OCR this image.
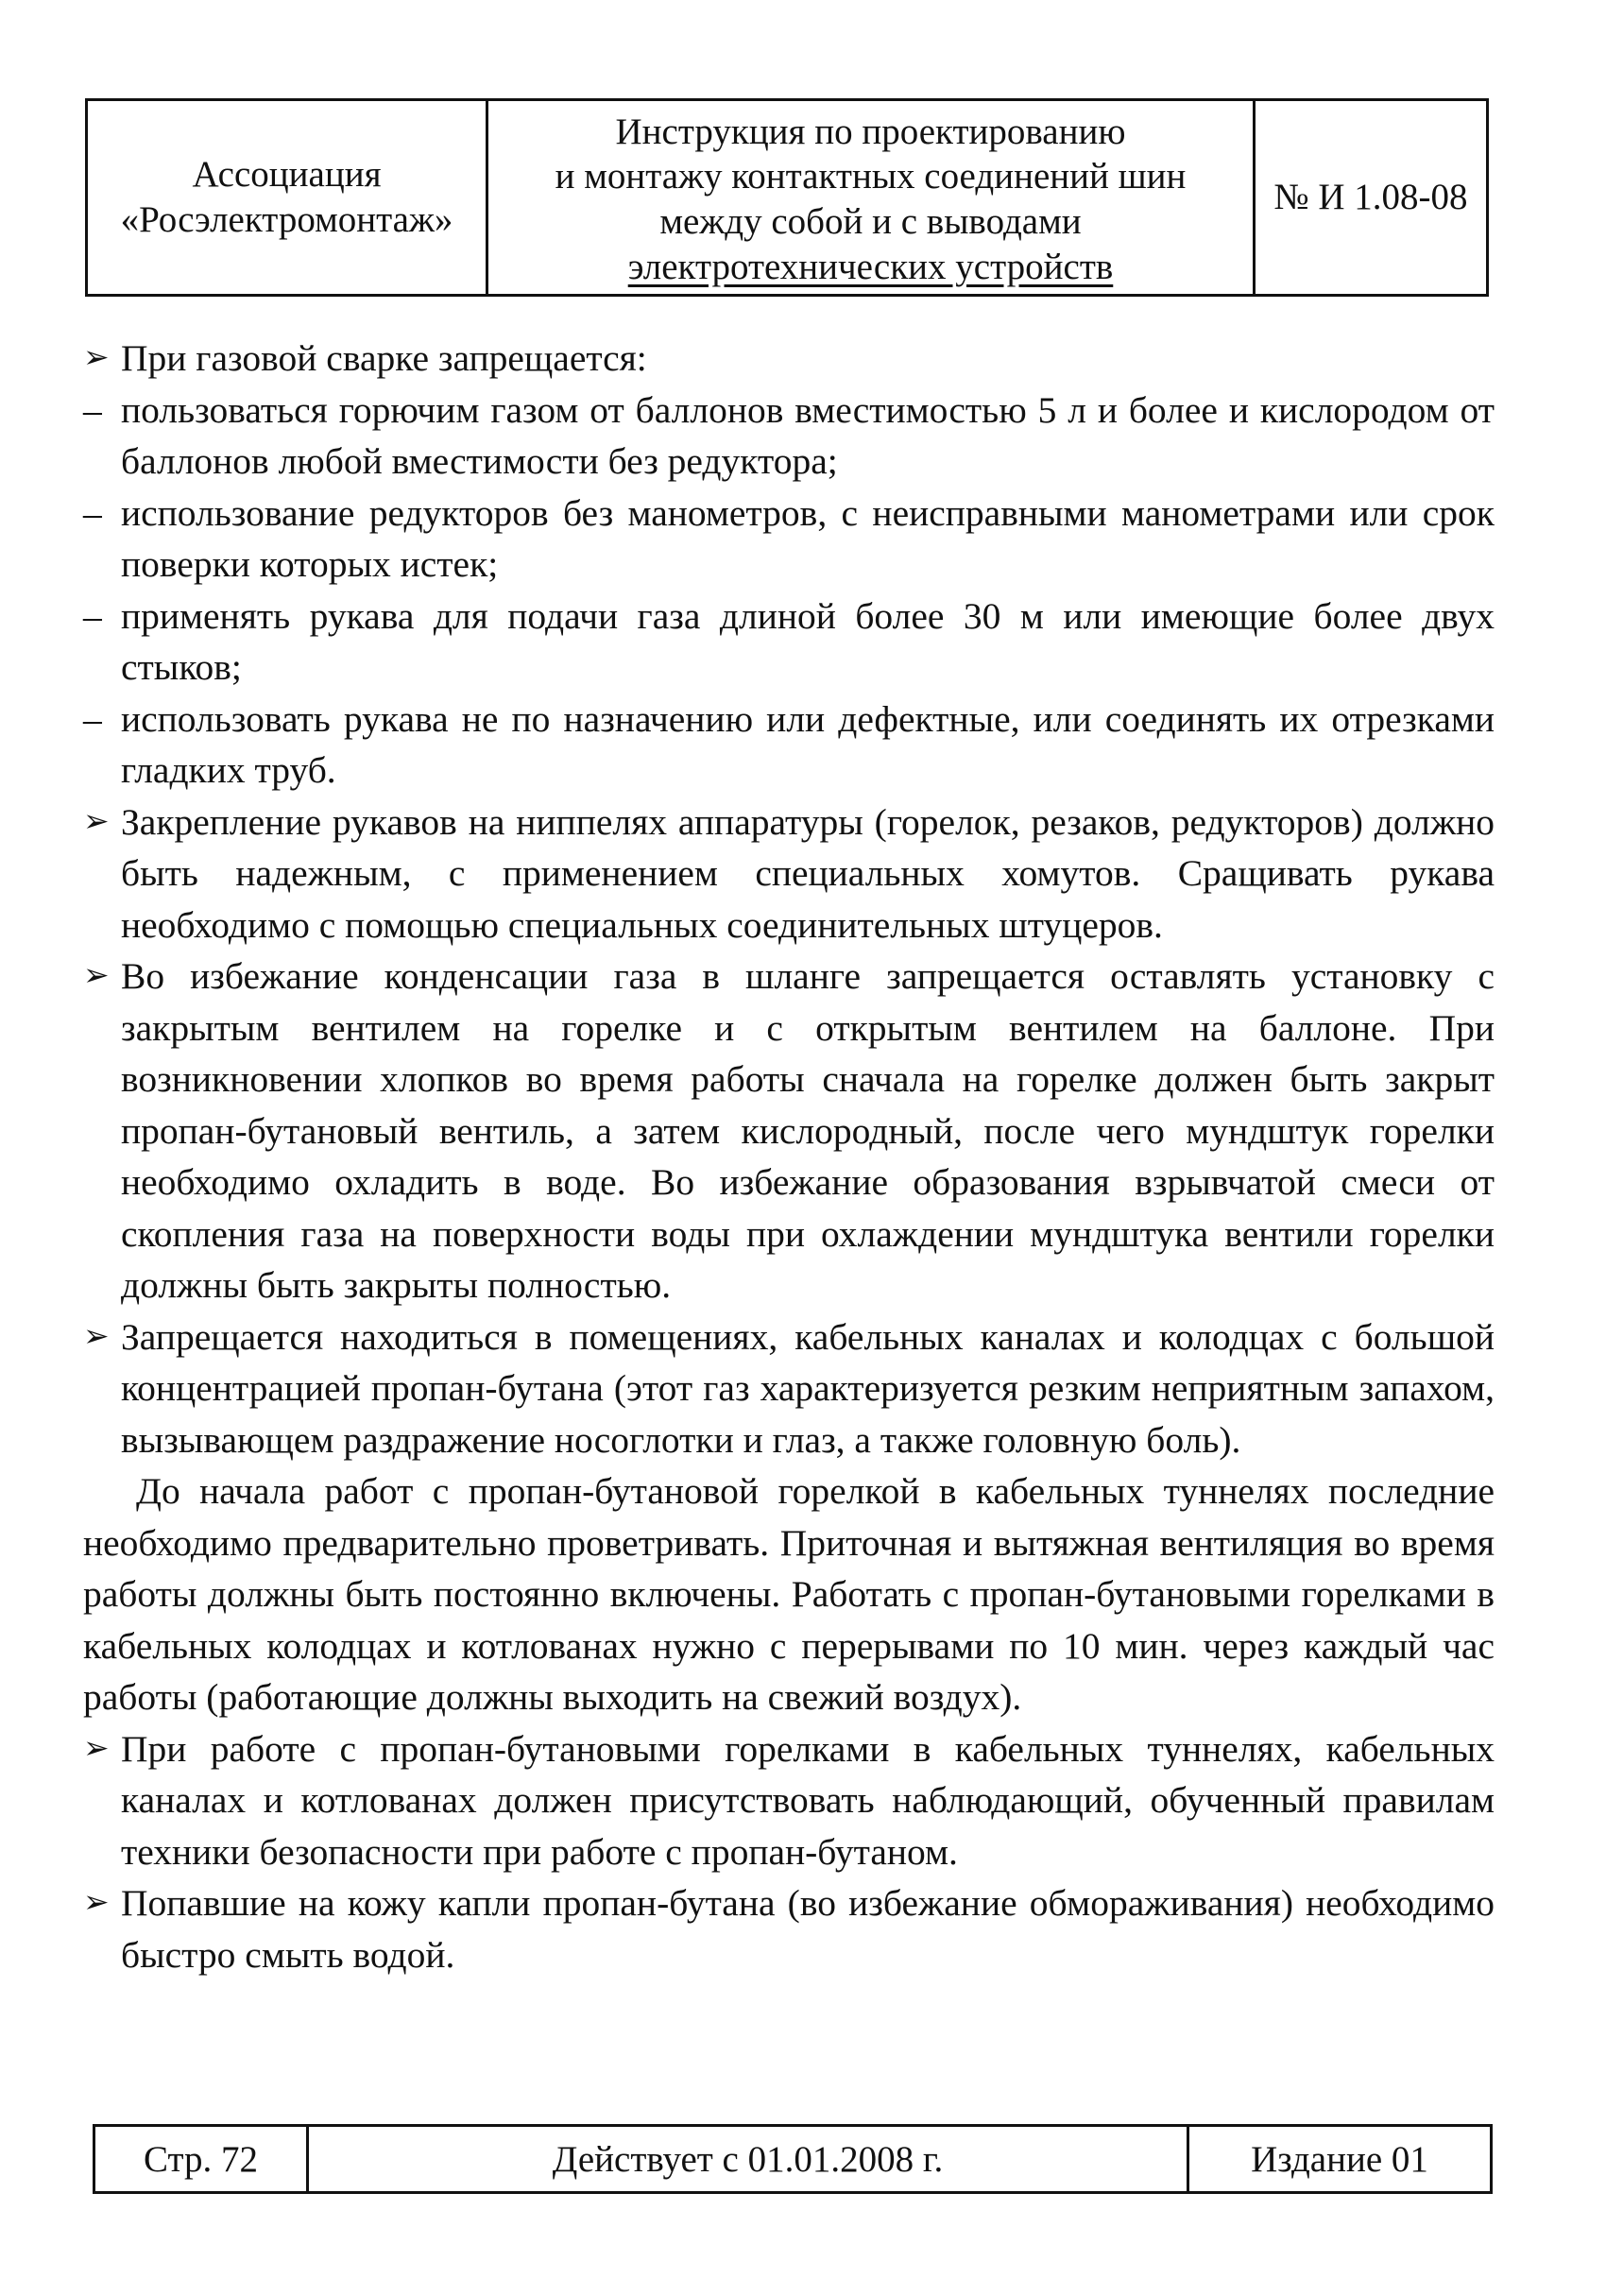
Ассоциация
«Росэлектромонтаж»
Инструкция по проектированию
и монтажу контактных соединений шин
между собой и с выводами
электротехнических устройств
№ И 1.08-08

➢ При газовой сварке запрещается:

– пользоваться горючим газом от баллонов вместимостью 5 л и более и кислородом от баллонов любой вместимости без редуктора;

– использование редукторов без манометров, с неисправными манометрами или срок поверки которых истек;

– применять рукава для подачи газа длиной более 30 м или имеющие более двух стыков;

– использовать рукава не по назначению или дефектные, или соединять их отрезками гладких труб.

➢ Закрепление рукавов на ниппелях аппаратуры (горелок, резаков, редукторов) должно быть надежным, с применением специальных хомутов. Сращивать рукава необходимо с помощью специальных соединительных штуцеров.

➢ Во избежание конденсации газа в шланге запрещается оставлять установку с закрытым вентилем на горелке и с открытым вентилем на баллоне. При возникновении хлопков во время работы сначала на горелке должен быть закрыт пропан-бутановый вентиль, а затем кислородный, после чего мундштук горелки необходимо охладить в воде. Во избежание образования взрывчатой смеси от скопления газа на поверхности воды при охлаждении мундштука вентили горелки должны быть закрыты полностью.

➢ Запрещается находиться в помещениях, кабельных каналах и колодцах с большой концентрацией пропан-бутана (этот газ характеризуется резким неприятным запахом, вызывающем раздражение носоглотки и глаз, а также головную боль).

До начала работ с пропан-бутановой горелкой в кабельных туннелях последние необходимо предварительно проветривать. Приточная и вытяжная вентиляция во время работы должны быть постоянно включены. Работать с пропан-бутановыми горелками в кабельных колодцах и котлованах нужно с перерывами по 10 мин. через каждый час работы (работающие должны выходить на свежий воздух).

➢ При работе с пропан-бутановыми горелками в кабельных туннелях, кабельных каналах и котлованах должен присутствовать наблюдающий, обученный правилам техники безопасности при работе с пропан-бутаном.

➢ Попавшие на кожу капли пропан-бутана (во избежание обмораживания) необходимо быстро смыть водой.

Стр. 72	Действует с 01.01.2008 г.	Издание 01
